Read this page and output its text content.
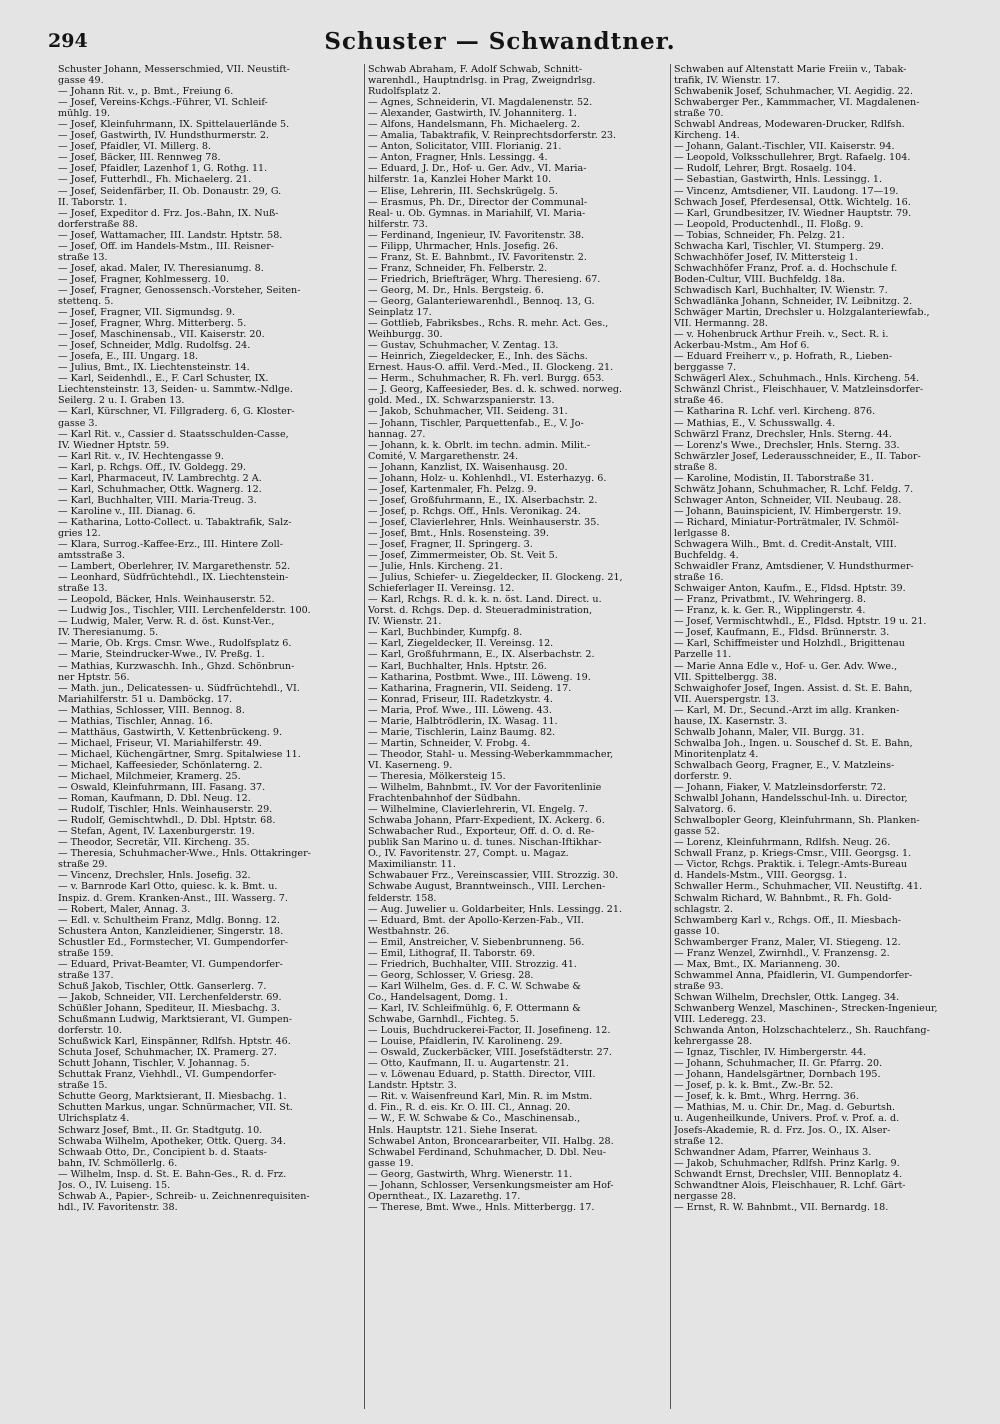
294	Schuster — Schwandtner.
Schuster Johann, Messerschmied, VII. Neustift-
gasse 49.
— Johann Rit. v., p. Bmt., Freiung 6.
— Josef, Vereins-Kchgs.-Führer, VI. Schleif-
mühlg. 19.
— Josef, Kleinfuhrmann, IX. Spittelauerlände 5.
— Josef, Gastwirth, IV. Hundsthurmerstr. 2.
— Josef, Pfaidler, VI. Millerg. 8.
— Josef, Bäcker, III. Rennweg 78.
— Josef, Pfaidler, Lazenhof 1, G. Rothg. 11.
— Josef, Futterhdl., Fh. Michaelerg. 21.
— Josef, Seidenfärber, II. Ob. Donaustr. 29, G.
II. Taborstr. 1.
— Josef, Expeditor d. Frz. Jos.-Bahn, IX. Nuß-
dorferstraße 88.
— Josef, Wattamacher, III. Landstr. Hptstr. 58.
— Josef, Off. im Handels-Mstm., III. Reisner-
straße 13.
— Josef, akad. Maler, IV. Theresianumg. 8.
— Josef, Fragner, Kohlmesserg. 10.
— Josef, Fragner, Genossensch.-Vorsteher, Seiten-
stettenq. 5.
— Josef, Fragner, VII. Sigmundsg. 9.
— Josef, Fragner, Whrg. Mitterberg. 5.
— Josef, Maschinensab., VII. Kaiserstr. 20.
— Josef, Schneider, Mdlg. Rudolfsg. 24.
— Josefa, E., III. Ungarg. 18.
— Julius, Bmt., IX. Liechtensteinstr. 14.
— Karl, Seidenhdl., E., F. Carl Schuster, IX.
Liechtensteinstr. 13, Seiden- u. Sammtw.-Ndlge.
Seilerg. 2 u. I. Graben 13.
— Karl, Kürschner, VI. Fillgraderg. 6, G. Kloster-
gasse 3.
— Karl Rit. v., Cassier d. Staatsschulden-Casse,
IV. Wiedner Hptstr. 59.
— Karl Rit. v., IV. Hechtengasse 9.
— Karl, p. Rchgs. Off., IV. Goldegg. 29.
— Karl, Pharmaceut, IV. Lambrechtg. 2 A.
— Karl, Schuhmacher, Ottk. Wagnerg. 12.
— Karl, Buchhalter, VIII. Maria-Treug. 3.
— Karoline v., III. Dianag. 6.
— Katharina, Lotto-Collect. u. Tabaktrafik, Salz-
gries 12.
— Klara, Surrog.-Kaffee-Erz., III. Hintere Zoll-
amtsstraße 3.
— Lambert, Oberlehrer, IV. Margarethenstr. 52.
— Leonhard, Südfrüchtehdl., IX. Liechtenstein-
straße 13.
— Leopold, Bäcker, Hnls. Weinhauserstr. 52.
— Ludwig Jos., Tischler, VIII. Lerchenfelderstr. 100.
— Ludwig, Maler, Verw. R. d. öst. Kunst-Ver.,
IV. Theresianumg. 5.
— Marie, Ob. Krgs. Cmsr. Wwe., Rudolfsplatz 6.
— Marie, Steindrucker-Wwe., IV. Preßg. 1.
— Mathias, Kurzwaschh. Inh., Ghzd. Schönbrun-
ner Hptstr. 56.
— Math. jun., Delicatessen- u. Südfrüchtehdl., VI.
Mariahilferstr. 51 u. Damböckg. 17.
— Mathias, Schlosser, VIII. Bennog. 8.
— Mathias, Tischler, Annag. 16.
— Matthäus, Gastwirth, V. Kettenbrückeng. 9.
— Michael, Friseur, VI. Mariahilferstr. 49.
— Michael, Küchengärtner, Smrg. Spitalwiese 11.
— Michael, Kaffeesieder, Schönlaterng. 2.
— Michael, Milchmeier, Kramerg. 25.
— Oswald, Kleinfuhrmann, III. Fasang. 37.
— Roman, Kaufmann, D. Dbl. Neug. 12.
— Rudolf, Tischler, Hnls. Weinhauserstr. 29.
— Rudolf, Gemischtwhdl., D. Dbl. Hptstr. 68.
— Stefan, Agent, IV. Laxenburgerstr. 19.
— Theodor, Secretär, VII. Kircheng. 35.
— Theresia, Schuhmacher-Wwe., Hnls. Ottakringer-
straße 29.
— Vincenz, Drechsler, Hnls. Josefig. 32.
— v. Barnrode Karl Otto, quiesc. k. k. Bmt. u.
Inspiz. d. Grem. Kranken-Anst., III. Wasserg. 7.
— Robert, Maler, Annag. 3.
— Edl. v. Schultheim Franz, Mdlg. Bonng. 12.
Schustera Anton, Kanzleidiener, Singerstr. 18.
Schustler Ed., Formstecher, VI. Gumpendorfer-
straße 159.
— Eduard, Privat-Beamter, VI. Gumpendorfer-
straße 137.
Schuß Jakob, Tischler, Ottk. Ganserlerg. 7.
— Jakob, Schneider, VII. Lerchenfelderstr. 69.
Schüßler Johann, Spediteur, II. Miesbachg. 3.
Schußmann Ludwig, Marktsierant, VI. Gumpen-
dorferstr. 10.
Schußwick Karl, Einspänner, Rdlfsh. Hptstr. 46.
Schuta Josef, Schuhmacher, IX. Pramerg. 27.
Schutt Johann, Tischler, V. Johannag. 5.
Schuttak Franz, Viehhdl., VI. Gumpendorfer-
straße 15.
Schutte Georg, Marktsierant, II. Miesbachg. 1.
Schutten Markus, ungar. Schnürmacher, VII. St.
Ulrichsplatz 4.
Schwarz Josef, Bmt., II. Gr. Stadtgutg. 10.
Schwaba Wilhelm, Apotheker, Ottk. Querg. 34.
Schwaab Otto, Dr., Concipient b. d. Staats-
bahn, IV. Schmöllerlg. 6.
— Wilhelm, Insp. d. St. E. Bahn-Ges., R. d. Frz.
Jos. O., IV. Luiseng. 15.
Schwab A., Papier-, Schreib- u. Zeichnenrequisiten-
hdl., IV. Favoritenstr. 38.
Schwab Abraham, F. Adolf Schwab, Schnitt-
warenhdl., Hauptndrlsg. in Prag, Zweigndrlsg.
Rudolfsplatz 2.
— Agnes, Schneiderin, VI. Magdalenenstr. 52.
— Alexander, Gastwirth, IV. Johanniterg. 1.
— Alfons, Handelsmann, Fh. Michaelerg. 2.
— Amalia, Tabaktrafik, V. Reinprechtsdorferstr. 23.
— Anton, Solicitator, VIII. Florianig. 21.
— Anton, Fragner, Hnls. Lessingg. 4.
— Eduard, J. Dr., Hof- u. Ger. Adv., VI. Maria-
hilferstr. 1a, Kanzlei Hoher Markt 10.
— Elise, Lehrerin, III. Sechskrügelg. 5.
— Erasmus, Ph. Dr., Director der Communal-
Real- u. Ob. Gymnas. in Mariahilf, VI. Maria-
hilferstr. 73.
— Ferdinand, Ingenieur, IV. Favoritenstr. 38.
— Filipp, Uhrmacher, Hnls. Josefig. 26.
— Franz, St. E. Bahnbmt., IV. Favoritenstr. 2.
— Franz, Schneider, Fh. Felberstr. 2.
— Friedrich, Briefträger, Whrg. Theresieng. 67.
— Georg, M. Dr., Hnls. Bergsteig. 6.
— Georg, Galanteriewarenhdl., Bennoq. 13, G.
Seinplatz 17.
— Gottlieb, Fabriksbes., Rchs. R. mehr. Act. Ges.,
Weihburgg. 30.
— Gustav, Schuhmacher, V. Zentag. 13.
— Heinrich, Ziegeldecker, E., Inh. des Sächs.
Ernest. Haus-O. affil. Verd.-Med., II. Glockeng. 21.
— Herm., Schuhmacher, R. Fh. verl. Burgg. 653.
— J. Georg, Kaffeesieder, Bes. d. k. schwed. norweg.
gold. Med., IX. Schwarzspanierstr. 13.
— Jakob, Schuhmacher, VII. Seideng. 31.
— Johann, Tischler, Parquettenfab., E., V. Jo-
hannag. 27.
— Johann, k. k. Obrlt. im techn. admin. Milit.-
Comité, V. Margarethenstr. 24.
— Johann, Kanzlist, IX. Waisenhausg. 20.
— Johann, Holz- u. Kohlenhdl., VI. Esterhazyg. 6.
— Josef, Kartenmaler, Fh. Pelzg. 9.
— Josef, Großfuhrmann, E., IX. Alserbachstr. 2.
— Josef, p. Rchgs. Off., Hnls. Veronikag. 24.
— Josef, Clavierlehrer, Hnls. Weinhauserstr. 35.
— Josef, Bmt., Hnls. Rosensteing. 39.
— Josef, Fragner, II. Springerg. 3.
— Josef, Zimmermeister, Ob. St. Veit 5.
— Julie, Hnls. Kircheng. 21.
— Julius, Schiefer- u. Ziegeldecker, II. Glockeng. 21,
Schieferlager II. Vereinsg. 12.
— Karl, Rchgs. R. d. k. k. n. öst. Land. Direct. u.
Vorst. d. Rchgs. Dep. d. Steueradministration,
IV. Wienstr. 21.
— Karl, Buchbinder, Kumpfg. 8.
— Karl, Ziegeldecker, II. Vereinsg. 12.
— Karl, Großfuhrmann, E., IX. Alserbachstr. 2.
— Karl, Buchhalter, Hnls. Hptstr. 26.
— Katharina, Postbmt. Wwe., III. Löweng. 19.
— Katharina, Fragnerin, VII. Seideng. 17.
— Konrad, Friseur, III. Radetzkystr. 4.
— Maria, Prof. Wwe., III. Löweng. 43.
— Marie, Halbtrödlerin, IX. Wasag. 11.
— Marie, Tischlerin, Lainz Baumg. 82.
— Martin, Schneider, V. Frobg. 4.
— Theodor, Stahl- u. Messing-Weberkammmacher,
VI. Kaserneng. 9.
— Theresia, Mölkersteig 15.
— Wilhelm, Bahnbmt., IV. Vor der Favoritenlinie
Frachtenbahnhof der Südbahn.
— Wilhelmine, Clavierlehrerin, VI. Engelg. 7.
Schwaba Johann, Pfarr-Expedient, IX. Ackerg. 6.
Schwabacher Rud., Exporteur, Off. d. O. d. Re-
publik San Marino u. d. tunes. Nischan-Iftikhar-
O., IV. Favoritenstr. 27, Compt. u. Magaz.
Maximilianstr. 11.
Schwabauer Frz., Vereinscassier, VIII. Strozzig. 30.
Schwabe August, Branntweinsch., VIII. Lerchen-
felderstr. 158.
— Aug. Juwelier u. Goldarbeiter, Hnls. Lessingg. 21.
— Eduard, Bmt. der Apollo-Kerzen-Fab., VII.
Westbahnstr. 26.
— Emil, Anstreicher, V. Siebenbrunneng. 56.
— Emil, Lithograf, II. Taborstr. 69.
— Friedrich, Buchhalter, VIII. Strozzig. 41.
— Georg, Schlosser, V. Griesg. 28.
— Karl Wilhelm, Ges. d. F. C. W. Schwabe &
Co., Handelsagent, Domg. 1.
— Karl, IV. Schleifmühlg. 6, F. Ottermann &
Schwabe, Garnhdl., Fichteg. 5.
— Louis, Buchdruckerei-Factor, II. Josefineng. 12.
— Louise, Pfaidlerin, IV. Karolineng. 29.
— Oswald, Zuckerbäcker, VIII. Josefstädterstr. 27.
— Otto, Kaufmann, II. u. Augartenstr. 21.
— v. Löwenau Eduard, p. Statth. Director, VIII.
Landstr. Hptstr. 3.
— Rit. v. Waisenfreund Karl, Min. R. im Mstm.
d. Fin., R. d. eis. Kr. O. III. Cl., Annag. 20.
— W., F. W. Schwabe & Co., Maschinensab.,
Hnls. Hauptstr. 121. Siehe Inserat.
Schwabel Anton, Bronceararbeiter, VII. Halbg. 28.
Schwabel Ferdinand, Schuhmacher, D. Dbl. Neu-
gasse 19.
— Georg, Gastwirth, Whrg. Wienerstr. 11.
— Johann, Schlosser, Versenkungsmeister am Hof-
Operntheat., IX. Lazarethg. 17.
— Therese, Bmt. Wwe., Hnls. Mitterbergg. 17.
Schwaben auf Altenstatt Marie Freiin v., Tabak-
trafik, IV. Wienstr. 17.
Schwabenik Josef, Schuhmacher, VI. Aegidig. 22.
Schwaberger Per., Kammmacher, VI. Magdalenen-
straße 70.
Schwabl Andreas, Modewaren-Drucker, Rdlfsh.
Kircheng. 14.
— Johann, Galant.-Tischler, VII. Kaiserstr. 94.
— Leopold, Volksschullehrer, Brgt. Rafaelg. 104.
— Rudolf, Lehrer, Brgt. Rosaelg. 104.
— Sebastian, Gastwirth, Hnls. Lessingg. 1.
— Vincenz, Amtsdiener, VII. Laudong. 17—19.
Schwach Josef, Pferdesensal, Ottk. Wichtelg. 16.
— Karl, Grundbesitzer, IV. Wiedner Hauptstr. 79.
— Leopold, Productenhdl., II. Floßg. 9.
— Tobias, Schneider, Fh. Pelzg. 21.
Schwacha Karl, Tischler, VI. Stumperg. 29.
Schwachhöfer Josef, IV. Mittersteig 1.
Schwachhöfer Franz, Prof. a. d. Hochschule f.
Boden-Cultur, VIII. Buchfeldg. 18a.
Schwadisch Karl, Buchhalter, IV. Wienstr. 7.
Schwadlänka Johann, Schneider, IV. Leibnitzg. 2.
Schwäger Martin, Drechsler u. Holzgalanteriewfab.,
VII. Hermanng. 28.
— v. Hohenbruck Arthur Freih. v., Sect. R. i.
Ackerbau-Mstm., Am Hof 6.
— Eduard Freiherr v., p. Hofrath, R., Lieben-
berggasse 7.
Schwägerl Alex., Schuhmach., Hnls. Kircheng. 54.
Schwänzl Christ., Fleischhauer, V. Matzleinsdorfer-
straße 46.
— Katharina R. Lchf. verl. Kircheng. 876.
— Mathias, E., V. Schusswallg. 4.
Schwärzl Franz, Drechsler, Hnls. Sterng. 44.
— Lorenz's Wwe., Drechsler, Hnls. Sterng. 33.
Schwärzler Josef, Lederausschneider, E., II. Tabor-
straße 8.
— Karoline, Modistin, II. Taborstraße 31.
Schwätz Johann, Schuhmacher, R. Lchf. Feldg. 7.
Schwager Anton, Schneider, VII. Neubaug. 28.
— Johann, Bauinspicient, IV. Himbergerstr. 19.
— Richard, Miniatur-Porträtmaler, IV. Schmöl-
lerlgasse 8.
Schwagera Wilh., Bmt. d. Credit-Anstalt, VIII.
Buchfeldg. 4.
Schwaidler Franz, Amtsdiener, V. Hundsthurmer-
straße 16.
Schwaiger Anton, Kaufm., E., Fldsd. Hptstr. 39.
— Franz, Privatbmt., IV. Wehringerg. 8.
— Franz, k. k. Ger. R., Wipplingerstr. 4.
— Josef, Vermischtwhdl., E., Fldsd. Hptstr. 19 u. 21.
— Josef, Kaufmann, E., Fldsd. Brünnerstr. 3.
— Karl, Schiffmeister und Holzhdl., Brigittenau
Parzelle 11.
— Marie Anna Edle v., Hof- u. Ger. Adv. Wwe.,
VII. Spittelbergg. 38.
Schwaighofer Josef, Ingen. Assist. d. St. E. Bahn,
VII. Auerspergstr. 13.
— Karl, M. Dr., Secund.-Arzt im allg. Kranken-
hause, IX. Kasernstr. 3.
Schwalb Johann, Maler, VII. Burgg. 31.
Schwalba Joh., Ingen. u. Souschef d. St. E. Bahn,
Minoritenplatz 4.
Schwalbach Georg, Fragner, E., V. Matzleins-
dorferstr. 9.
— Johann, Fiaker, V. Matzleinsdorferstr. 72.
Schwalbl Johann, Handelsschul-Inh. u. Director,
Salvatorg. 6.
Schwalbopler Georg, Kleinfuhrmann, Sh. Planken-
gasse 52.
— Lorenz, Kleinfuhrmann, Rdlfsh. Neug. 26.
Schwall Franz, p. Kriegs-Cmsr., VIII. Georgsg. 1.
— Victor, Rchgs. Praktik. i. Telegr.-Amts-Bureau
d. Handels-Mstm., VIII. Georgsg. 1.
Schwaller Herm., Schuhmacher, VII. Neustiftg. 41.
Schwalm Richard, W. Bahnbmt., R. Fh. Gold-
schlagstr. 2.
Schwamberg Karl v., Rchgs. Off., II. Miesbach-
gasse 10.
Schwamberger Franz, Maler, VI. Stiegeng. 12.
— Franz Wenzel, Zwirnhdl., V. Franzensg. 2.
— Max, Bmt., IX. Marianneng. 30.
Schwammel Anna, Pfaidlerin, VI. Gumpendorfer-
straße 93.
Schwan Wilhelm, Drechsler, Ottk. Langeg. 34.
Schwanberg Wenzel, Maschinen-, Strecken-Ingenieur,
VIII. Lederegg. 23.
Schwanda Anton, Holzschachtelerz., Sh. Rauchfang-
kehrergasse 28.
— Ignaz, Tischler, IV. Himbergerstr. 44.
— Johann, Schuhmacher, II. Gr. Pfarrg. 20.
— Johann, Handelsgärtner, Dornbach 195.
— Josef, p. k. k. Bmt., Zw.-Br. 52.
— Josef, k. k. Bmt., Whrg. Herrng. 36.
— Mathias, M. u. Chir. Dr., Mag. d. Geburtsh.
u. Augenheilkunde, Univers. Prof. v. Prof. a. d.
Josefs-Akademie, R. d. Frz. Jos. O., IX. Alser-
straße 12.
Schwandner Adam, Pfarrer, Weinhaus 3.
— Jakob, Schuhmacher, Rdlfsh. Prinz Karlg. 9.
Schwandt Ernst, Drechsler, VIII. Bennoplatz 4.
Schwandtner Alois, Fleischhauer, R. Lchf. Gärt-
nergasse 28.
— Ernst, R. W. Bahnbmt., VII. Bernardg. 18.
